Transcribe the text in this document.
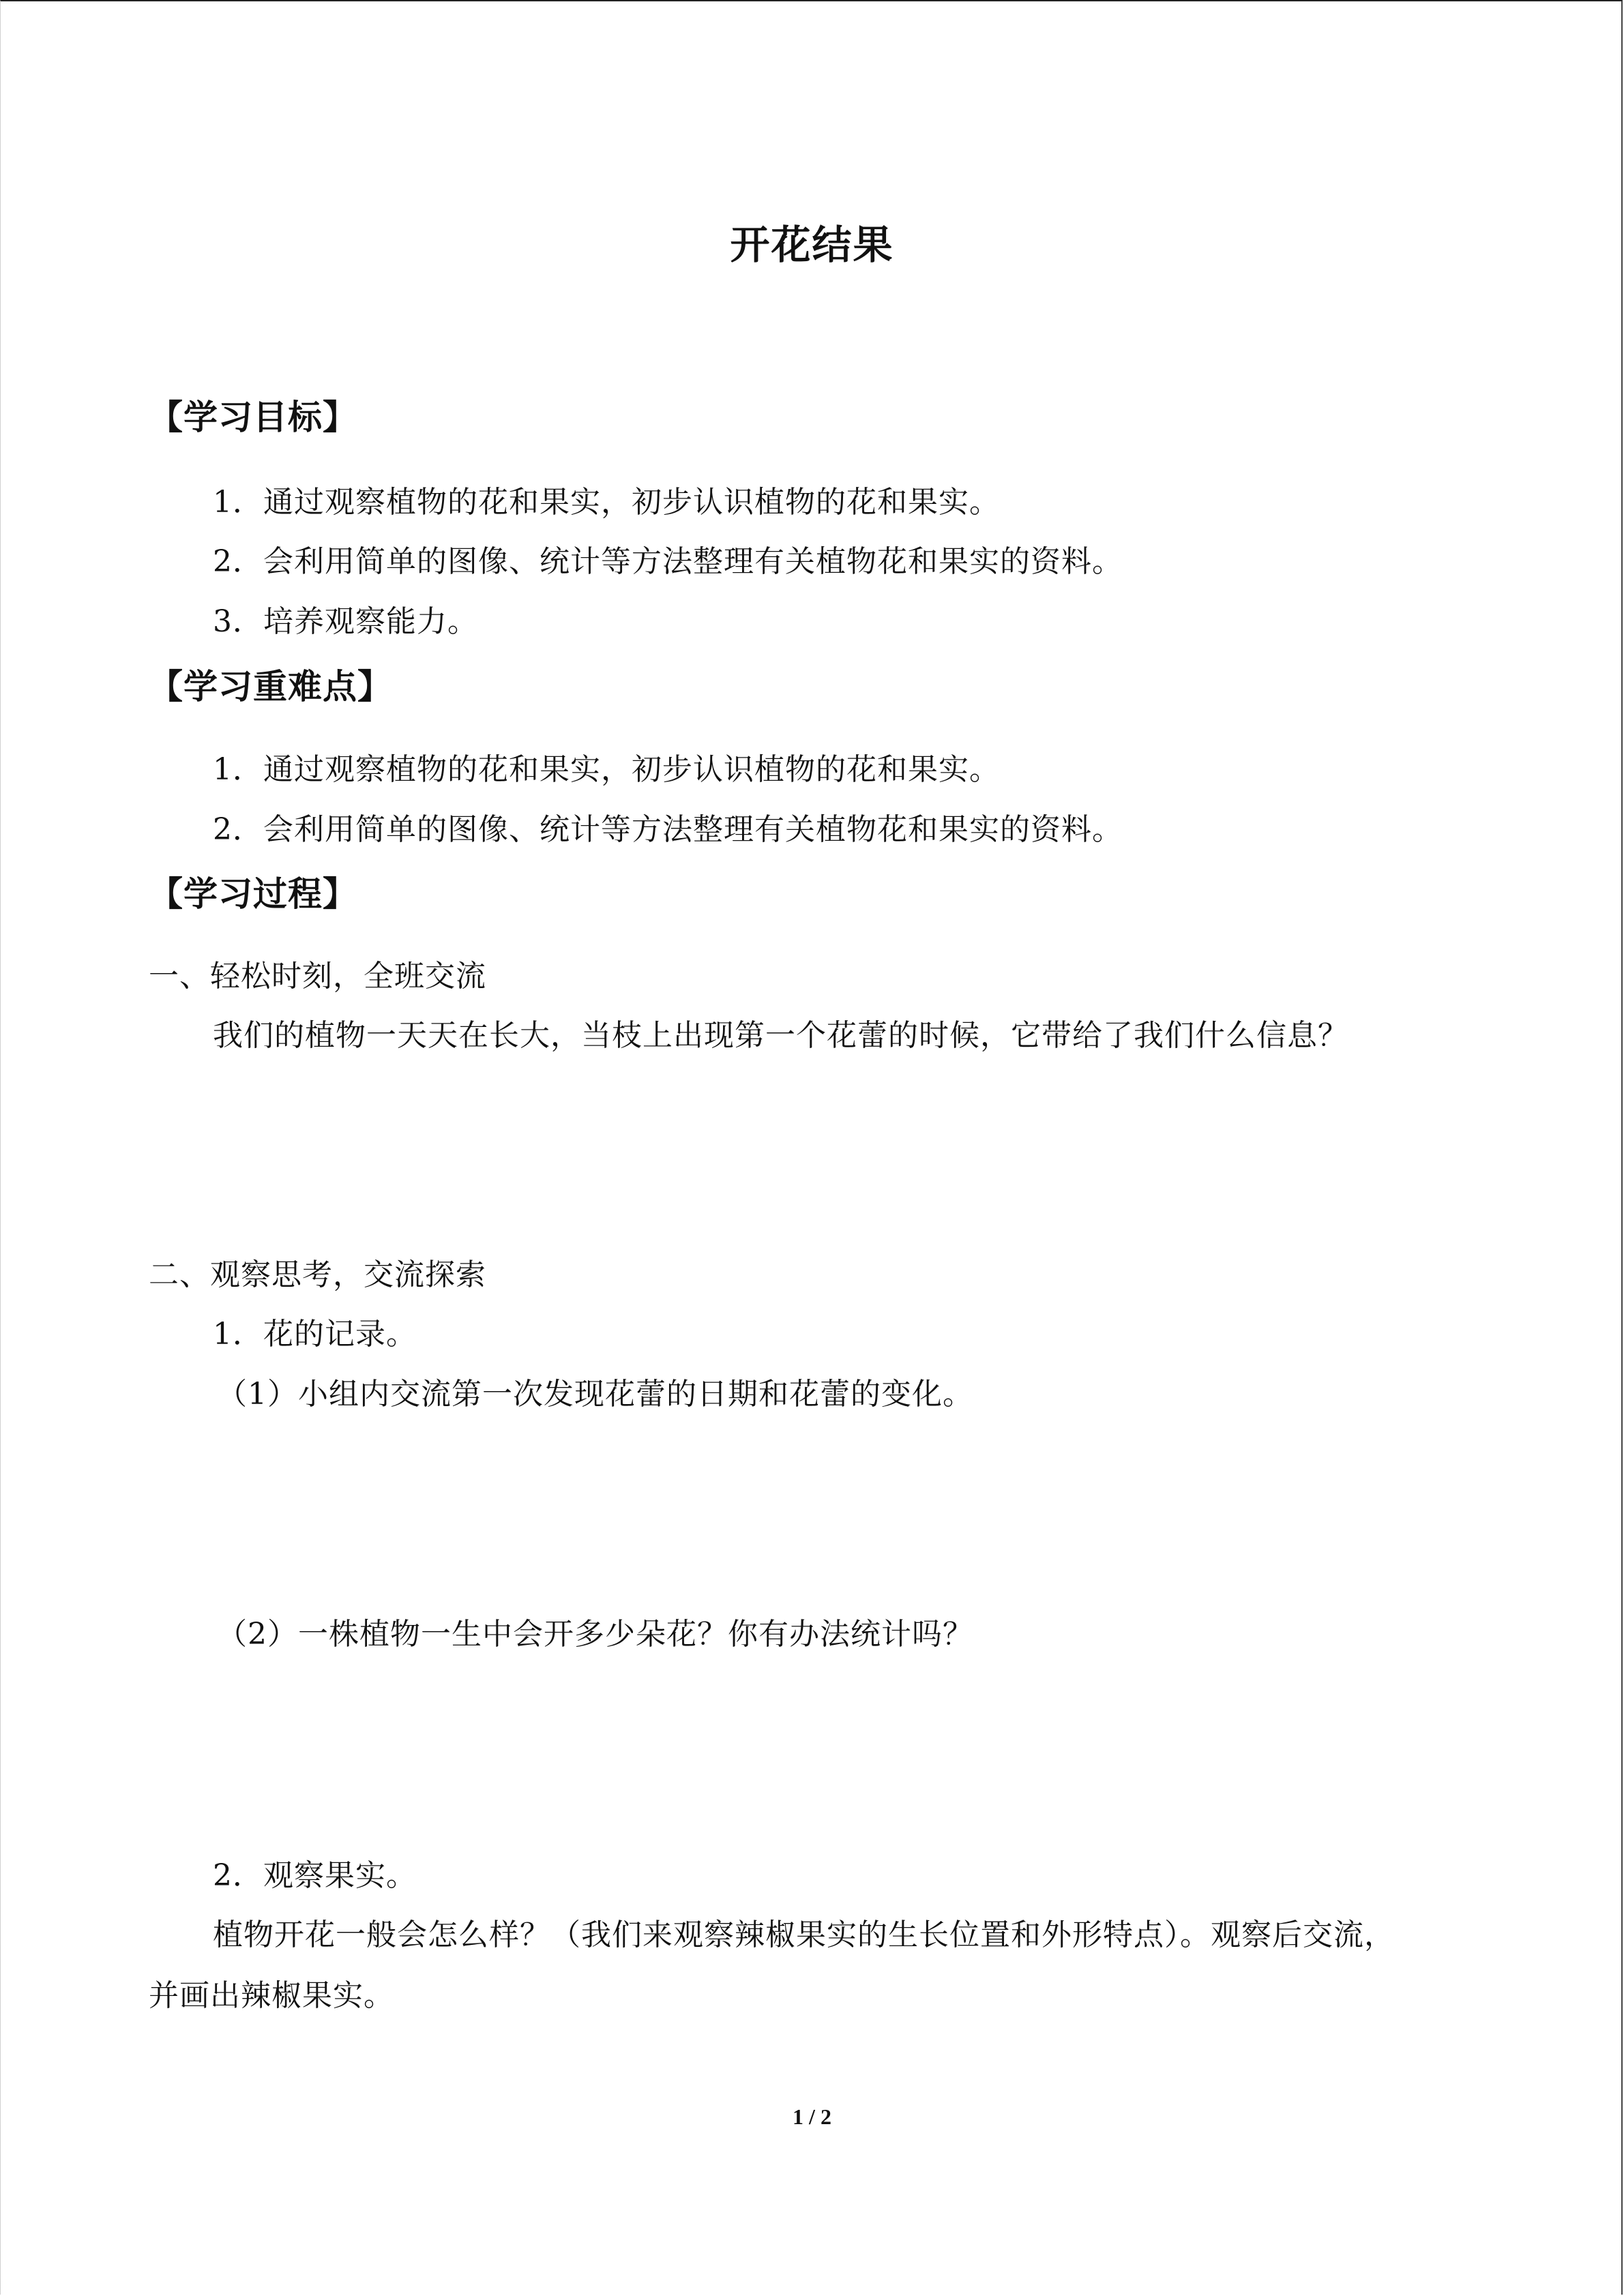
开花结果
【学习目标】
1．通过观察植物的花和果实，初步认识植物的花和果实。
2．会利用简单的图像、统计等方法整理有关植物花和果实的资料。
3．培养观察能力。
【学习重难点】
1．通过观察植物的花和果实，初步认识植物的花和果实。
2．会利用简单的图像、统计等方法整理有关植物花和果实的资料。
【学习过程】
一、轻松时刻，全班交流
我们的植物一天天在长大，当枝上出现第一个花蕾的时候，它带给了我们什么信息？
二、观察思考，交流探索
1．花的记录。
（1）小组内交流第一次发现花蕾的日期和花蕾的变化。
（2）一株植物一生中会开多少朵花？你有办法统计吗？
2．观察果实。
植物开花一般会怎么样？（我们来观察辣椒果实的生长位置和外形特点）。观察后交流，
并画出辣椒果实。
1 / 2
